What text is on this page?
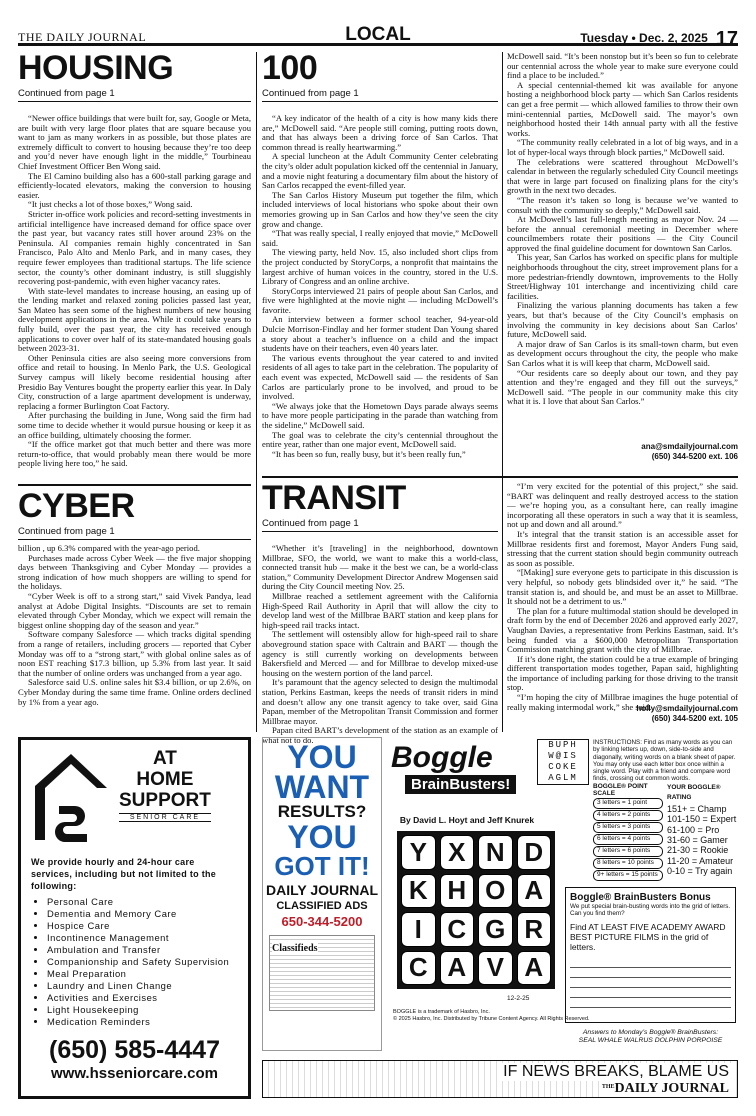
THE DAILY JOURNAL	LOCAL	Tuesday • Dec. 2, 2025 17
HOUSING
Continued from page 1

“Newer office buildings that were built for, say, Google or Meta, are built with very large floor plates that are square because you want to jam as many workers in as possible, but those plates are extremely difficult to convert to housing because they’re too deep and you’d never have enough light in the middle,” Tourbineau Chief Investment Officer Ben Wong said.

The El Camino building also has a 600-stall parking garage and efficiently-located elevators, making the conversion to housing easier.

“It just checks a lot of those boxes,” Wong said.

Stricter in-office work policies and record-setting investments in artificial intelligence have increased demand for office space over the past year, but vacancy rates still hover around 23% on the Peninsula. AI companies remain highly concentrated in San Francisco, Palo Alto and Menlo Park, and in many cases, they require fewer employees than traditional startups. The life science sector, the county’s other dominant industry, is still sluggishly recovering post-pandemic, with even higher vacancy rates.

With state-level mandates to increase housing, an easing up of the lending market and relaxed zoning policies passed last year, San Mateo has seen some of the highest numbers of new housing development applications in the area. While it could take years to fully build, over the past year, the city has received enough applications to cover over half of its state-mandated housing goals between 2023-31.

Other Peninsula cities are also seeing more conversions from office and retail to housing. In Menlo Park, the U.S. Geological Survey campus will likely become residential housing after Presidio Bay Ventures bought the property earlier this year. In Daly City, construction of a large apartment development is underway, replacing a former Burlington Coat Factory.

After purchasing the building in June, Wong said the firm had some time to decide whether it would pursue housing or keep it as an office building, ultimately choosing the former.

“If the office market got that much better and there was more return-to-office, that would probably mean there would be more people living here too,” he said.

CYBER
Continued from page 1

billion , up 6.3% compared with the year-ago period.

Purchases made across Cyber Week — the five major shopping days between Thanksgiving and Cyber Monday — provides a strong indication of how much shoppers are willing to spend for the holidays.

“Cyber Week is off to a strong start,” said Vivek Pandya, lead analyst at Adobe Digital Insights. “Discounts are set to remain elevated through Cyber Monday, which we expect will remain the biggest online shopping day of the season and year.”

Software company Salesforce — which tracks digital spending from a range of retailers, including grocers — reported that Cyber Monday was off to a “strong start,” with global online sales as of noon EST reaching $17.3 billion, up 5.3% from last year. It said that the number of online orders was unchanged from a year ago.

Salesforce said U.S. online sales hit $3.4 billion, or up 2.6%, on Cyber Monday during the same time frame. Online orders declined by 1% from a year ago.

100
Continued from page 1

“A key indicator of the health of a city is how many kids there are,” McDowell said. “Are people still coming, putting roots down, and that has always been a driving force of San Carlos. That common thread is really heartwarming.”

A special luncheon at the Adult Community Center celebrating the city’s older adult population kicked off the centennial in January, and a movie night featuring a documentary film about the history of San Carlos recapped the event-filled year.

The San Carlos History Museum put together the film, which included interviews of local historians who spoke about their own memories growing up in San Carlos and how they’ve seen the city grow and change.

“That was really special, I really enjoyed that movie,” McDowell said.

The viewing party, held Nov. 15, also included short clips from the project conducted by StoryCorps, a nonprofit that maintains the largest archive of human voices in the country, stored in the U.S. Library of Congress and an online archive.

StoryCorps interviewed 21 pairs of people about San Carlos, and five were highlighted at the movie night — including McDowell’s favorite.

An interview between a former school teacher, 94-year-old Dulcie Morrison-Findlay and her former student Dan Young shared a story about a teacher’s influence on a child and the impact students have on their teachers, even 40 years later.

The various events throughout the year catered to and invited residents of all ages to take part in the celebration. The popularity of each event was expected, McDowell said — the residents of San Carlos are particularly prone to be involved, and proud to be involved.

“We always joke that the Hometown Days parade always seems to have more people participating in the parade than watching from the sideline,” McDowell said.

The goal was to celebrate the city’s centennial throughout the entire year, rather than one major event, McDowell said.

“It has been so fun, really busy, but it’s been really fun,”

McDowell said. “It’s been nonstop but it’s been so fun to celebrate our centennial across the whole year to make sure everyone could find a place to be included.”

A special centennial-themed kit was available for anyone hosting a neighborhood block party — which San Carlos residents can get a free permit — which allowed families to throw their own mini-centennial parties, McDowell said. The mayor’s own neighborhood hosted their 14th annual party with all the festive works.

“The community really celebrated in a lot of big ways, and in a lot of hyper-local ways through block parties,” McDowell said.

The celebrations were scattered throughout McDowell’s calendar in between the regularly scheduled City Council meetings that were in large part focused on finalizing plans for the city’s growth in the next two decades.

“The reason it’s taken so long is because we’ve wanted to consult with the community so deeply,” McDowell said.

At McDowell’s last full-length meeting as mayor Nov. 24 — before the annual ceremonial meeting in December where councilmembers rotate their positions — the City Council approved the final guideline document for downtown San Carlos.

This year, San Carlos has worked on specific plans for multiple neighborhoods throughout the city, street improvement plans for a more pedestrian-friendly downtown, improvements to the Holly Street/Highway 101 interchange and incentivizing child care facilities.

Finalizing the various planning documents has taken a few years, but that’s because of the City Council’s emphasis on involving the community in key decisions about San Carlos’ future, McDowell said.

A major draw of San Carlos is its small-town charm, but even as development occurs throughout the city, the people who make San Carlos what it is will keep that charm, McDowell said.

“Our residents care so deeply about our town, and they pay attention and they’re engaged and they fill out the surveys,” McDowell said. “The people in our community make this city what it is. I love that about San Carlos.”

ana@smdailyjournal.com
(650) 344-5200 ext. 106
TRANSIT
Continued from page 1

“Whether it’s [traveling] in the neighborhood, downtown Millbrae, SFO, the world, we want to make this a world-class, connected transit hub — make it the best we can, be a world-class station,” Community Development Director Andrew Mogensen said during the City Council meeting Nov. 25.

Millbrae reached a settlement agreement with the California High-Speed Rail Authority in April that will allow the city to develop land west of the Millbrae BART station and keep plans for high-speed rail tracks intact.

The settlement will ostensibly allow for high-speed rail to share aboveground station space with Caltrain and BART — though the agency is still currently working on developments between Bakersfield and Merced — and for Millbrae to develop mixed-use housing on the western portion of the land parcel.

It’s paramount that the agency selected to design the multimodal station, Perkins Eastman, keeps the needs of transit riders in mind and doesn’t allow any one transit agency to take over, said Gina Papan, member of the Metropolitan Transit Commission and former Millbrae mayor.

Papan cited BART’s development of the station as an example of what not to do.

“I’m very excited for the potential of this project,” she said. “BART was delinquent and really destroyed access to the station — we’re hoping you, as a consultant here, can really imagine incorporating all these operators in such a way that it is seamless, not up and down and all around.”

It’s integral that the transit station is an accessible asset for Millbrae residents first and foremost, Mayor Anders Fung said, stressing that the current station should begin community outreach as soon as possible.

“[Making] sure everyone gets to participate in this discussion is very helpful, so nobody gets blindsided over it,” he said. “The transit station is, and should be, and must be an asset to Millbrae. It should not be a detriment to us.”

The plan for a future multimodal station should be developed in draft form by the end of December 2026 and approved early 2027, Vaughan Davies, a representative from Perkins Eastman, said. It’s being funded via a $600,000 Metropolitan Transportation Commission matching grant with the city of Millbrae.

If it’s done right, the station could be a true example of bringing different transportation modes together, Papan said, highlighting the importance of including parking for those driving to the transit stop.

“I’m hoping the city of Millbrae imagines the huge potential of really making intermodal work,” she said.

holly@smdailyjournal.com
(650) 344-5200 ext. 105
AT
HOME
SUPPORT
SENIOR CARE
We provide hourly and 24-hour care services, including but not limited to the following:
• Personal Care
• Dementia and Memory Care
• Hospice Care
• Incontinence Management
• Ambulation and Transfer
• Companionship and Safety Supervision
• Meal Preparation
• Laundry and Linen Change
• Activities and Exercises
• Light Housekeeping
• Medication Reminders
(650) 585-4447
www.hsseniorcare.com
YOU
WANT
RESULTS?
YOU
GOT IT!
DAILY JOURNAL
CLASSIFIED ADS
650-344-5200
Classifieds
Boggle
BrainBusters!
BUPH
W@IS
COKE
AGLM
By David L. Hoyt and Jeff Knurek
INSTRUCTIONS: Find as many words as you can by linking letters up, down, side-to-side and diagonally, writing words on a blank sheet of paper. You may only use each letter box once within a single word. Play with a friend and compare word finds, crossing out common words.
BOGGLE® POINT SCALE
3 letters = 1 point
4 letters = 2 points
5 letters = 3 points
6 letters = 4 points
7 letters = 6 points
8 letters = 10 points
9+ letters = 15 points
YOUR BOGGLE® RATING
151+ = Champ
101-150 = Expert
61-100 = Pro
31-60 = Gamer
21-30 = Rookie
11-20 = Amateur
0-10 = Try again
Y X N D
K H O A
I C G R
C A V A
12-2-25
BOGGLE is a trademark of Hasbro, Inc.
© 2025 Hasbro, Inc. Distributed by Tribune Content Agency. All Rights Reserved.
Boggle® BrainBusters Bonus
We put special brain-busting words into the grid of letters. Can you find them?
Find AT LEAST FIVE ACADEMY AWARD BEST PICTURE FILMS in the grid of letters.
Answers to Monday’s Boggle® BrainBusters:
SEAL WHALE WALRUS DOLPHIN PORPOISE
IF NEWS BREAKS, BLAME US
$^{THE}$DAILY JOURNAL
